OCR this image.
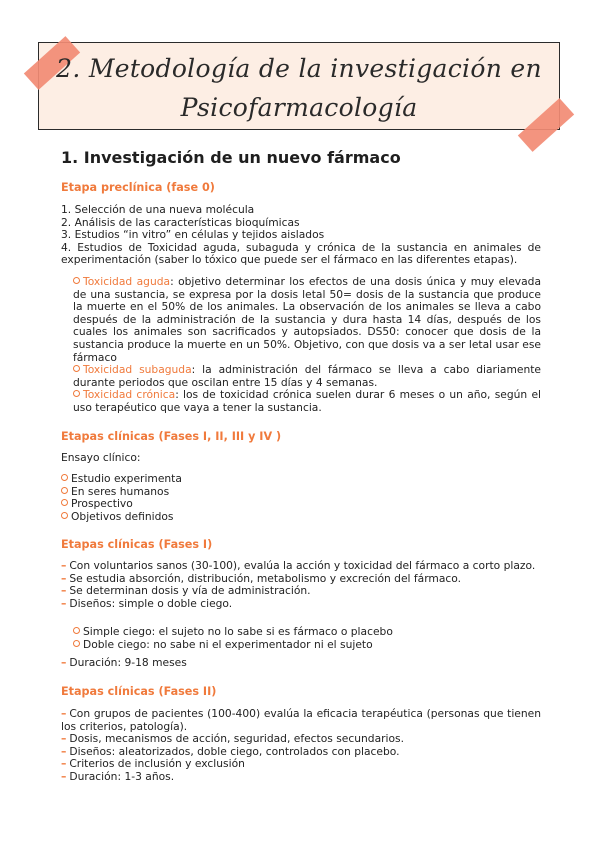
2. Metodología de la investigación en
Psicofarmacología
1. Investigación de un nuevo fármaco
Etapa preclínica (fase 0)

1. Selección de una nueva molécula

2. Análisis de las características bioquímicas

3. Estudios “in vitro” en células y tejidos aislados

4. Estudios de Toxicidad aguda, subaguda y crónica de la sustancia en animales de experimentación (saber lo tóxico que puede ser el fármaco en las diferentes etapas).

Toxicidad aguda: objetivo determinar los efectos de una dosis única y muy elevada de una sustancia, se expresa por la dosis letal 50= dosis de la sustancia que produce la muerte en el 50% de los animales. La observación de los animales se lleva a cabo después de la administración de la sustancia y dura hasta 14 días, después de los cuales los animales son sacrificados y autopsiados. DS50: conocer que dosis de la sustancia produce la muerte en un 50%. Objetivo, con que dosis va a ser letal usar ese fármaco
Toxicidad subaguda: la administración del fármaco se lleva a cabo diariamente durante periodos que oscilan entre 15 días y 4 semanas.
Toxicidad crónica: los de toxicidad crónica suelen durar 6 meses o un año, según el uso terapéutico que vaya a tener la sustancia.
Etapas clínicas (Fases I, II, III y IV )

Ensayo clínico:

Estudio experimenta
En seres humanos
Prospectivo
Objetivos definidos
Etapas clínicas (Fases I)
– Con voluntarios sanos (30-100), evalúa la acción y toxicidad del fármaco a corto plazo.
– Se estudia absorción, distribución, metabolismo y excreción del fármaco.
– Se determinan dosis y vía de administración.
– Diseños: simple o doble ciego.
Simple ciego: el sujeto no lo sabe si es fármaco o placebo
Doble ciego: no sabe ni el experimentador ni el sujeto
– Duración: 9-18 meses
Etapas clínicas (Fases II)
– Con grupos de pacientes (100-400) evalúa la eficacia terapéutica (personas que tienen los criterios, patología).
– Dosis, mecanismos de acción, seguridad, efectos secundarios.
– Diseños: aleatorizados, doble ciego, controlados con placebo.
– Criterios de inclusión y exclusión
– Duración: 1-3 años.
